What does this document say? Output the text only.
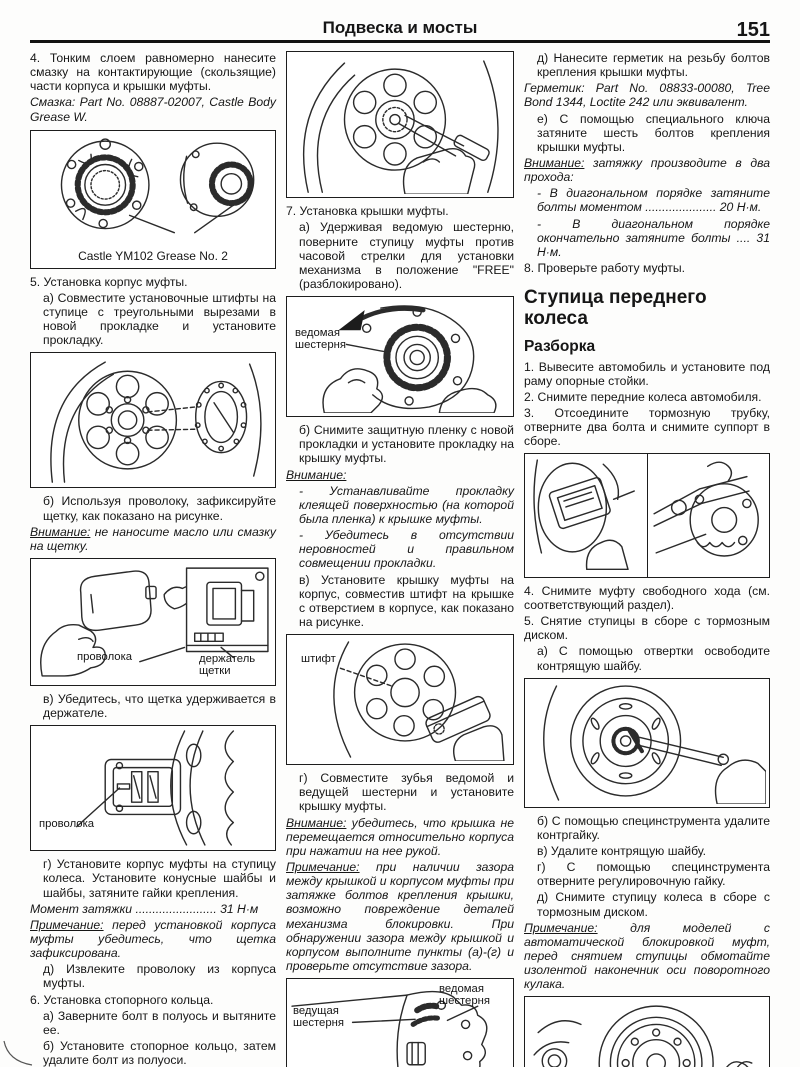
Подвеска и мосты	151

4. Тонким слоем равномерно нанесите смазку на контактирующие (скользящие) части корпуса и крышки муфты.

Смазка: Part No. 08887-02007, Castle Body Grease W.

Castle YM102 Grease No. 2

5. Установка корпус муфты.

а) Совместите установочные штифты на ступице с треугольными вырезами в новой прокладке и установите прокладку.

б) Используя проволоку, зафиксируйте щетку, как показано на рисунке.

Внимание: не наносите масло или смазку на щетку.

проволока	держатель щетки

в) Убедитесь, что щетка удерживается в держателе.

проволока

г) Установите корпус муфты на ступицу колеса. Установите конусные шайбы и шайбы, затяните гайки крепления.

Момент затяжки ........................ 31 Н·м

Примечание: перед установкой корпуса муфты убедитесь, что щетка зафиксирована.

д) Извлеките проволоку из корпуса муфты.

6. Установка стопорного кольца.

а) Заверните болт в полуось и вытяните ее.

б) Установите стопорное кольцо, затем удалите болт из полуоси.

7. Установка крышки муфты.

а) Удерживая ведомую шестерню, поверните ступицу муфты против часовой стрелки для установки механизма в положение "FREE" (разблокировано).

ведомая шестерня

б) Снимите защитную пленку с новой прокладки и установите прокладку на крышку муфты.

Внимание:

- Устанавливайте прокладку клеящей поверхностью (на которой была пленка) к крышке муфты.

- Убедитесь в отсутствии неровностей и правильном совмещении прокладки.

в) Установите крышку муфты на корпус, совместив штифт на крышке с отверстием в корпусе, как показано на рисунке.

штифт

г) Совместите зубья ведомой и ведущей шестерни и установите крышку муфты.

Внимание: убедитесь, что крышка не перемещается относительно корпуса при нажатии на нее рукой.

Примечание: при наличии зазора между крышкой и корпусом муфты при затяжке болтов крепления крышки, возможно повреждение деталей механизма блокировки. При обнаружении зазора между крышкой и корпусом выполните пункты (а)-(г) и проверьте отсутствие зазора.

ведущая шестерня
ведомая шестерня

д) Нанесите герметик на резьбу болтов крепления крышки муфты.

Герметик: Part No. 08833-00080, Tree Bond 1344, Loctite 242 или эквивалент.

е) С помощью специального ключа затяните шесть болтов крепления крышки муфты.

Внимание: затяжку производите в два прохода:

- В диагональном порядке затяните болты моментом ..................... 20 Н·м.

- В диагональном порядке окончательно затяните болты .... 31 Н·м.

8. Проверьте работу муфты.

Ступица переднего колеса
Разборка

1. Вывесите автомобиль и установите под раму опорные стойки.

2. Снимите передние колеса автомобиля.

3. Отсоедините тормозную трубку, отверните два болта и снимите суппорт в сборе.

4. Снимите муфту свободного хода (см. соответствующий раздел).

5. Снятие ступицы в сборе с тормозным диском.

а) С помощью отвертки освободите контрящую шайбу.

б) С помощью специнструмента удалите контргайку.

в) Удалите контрящую шайбу.

г) С помощью специнструмента отверните регулировочную гайку.

д) Снимите ступицу колеса в сборе с тормозным диском.

Примечание: для моделей с автоматической блокировкой муфт, перед снятием ступицы обмотайте изолентой наконечник оси поворотного кулака.
